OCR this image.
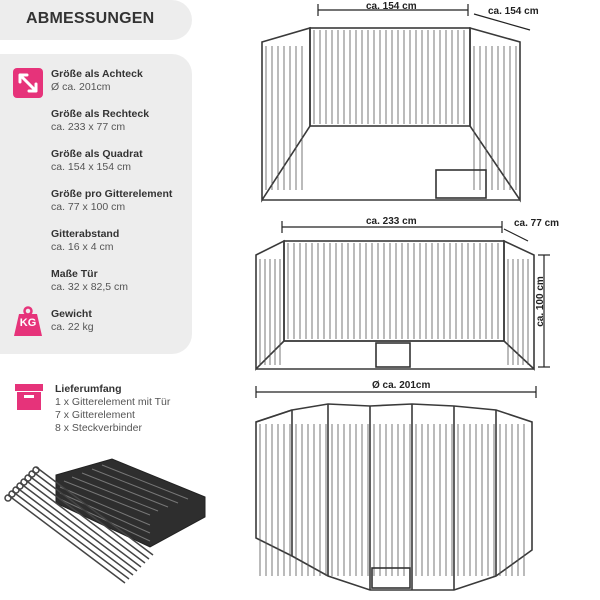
ABMESSUNGEN
Größe als Achteck
Ø ca. 201cm
Größe als Rechteck
ca. 233 x 77 cm
Größe als Quadrat
ca. 154 x 154 cm
Größe pro Gitterelement
ca. 77 x 100 cm
Gitterabstand
ca. 16 x 4 cm
Maße Tür
ca. 32 x 82,5 cm
KG
Gewicht
ca. 22 kg
Lieferumfang
1 x Gitterelement mit Tür
7 x Gitterelement
8 x Steckverbinder
ca. 154 cm	ca. 154 cm
ca. 233 cm	ca. 77 cm
ca. 100 cm
Ø ca. 201cm
